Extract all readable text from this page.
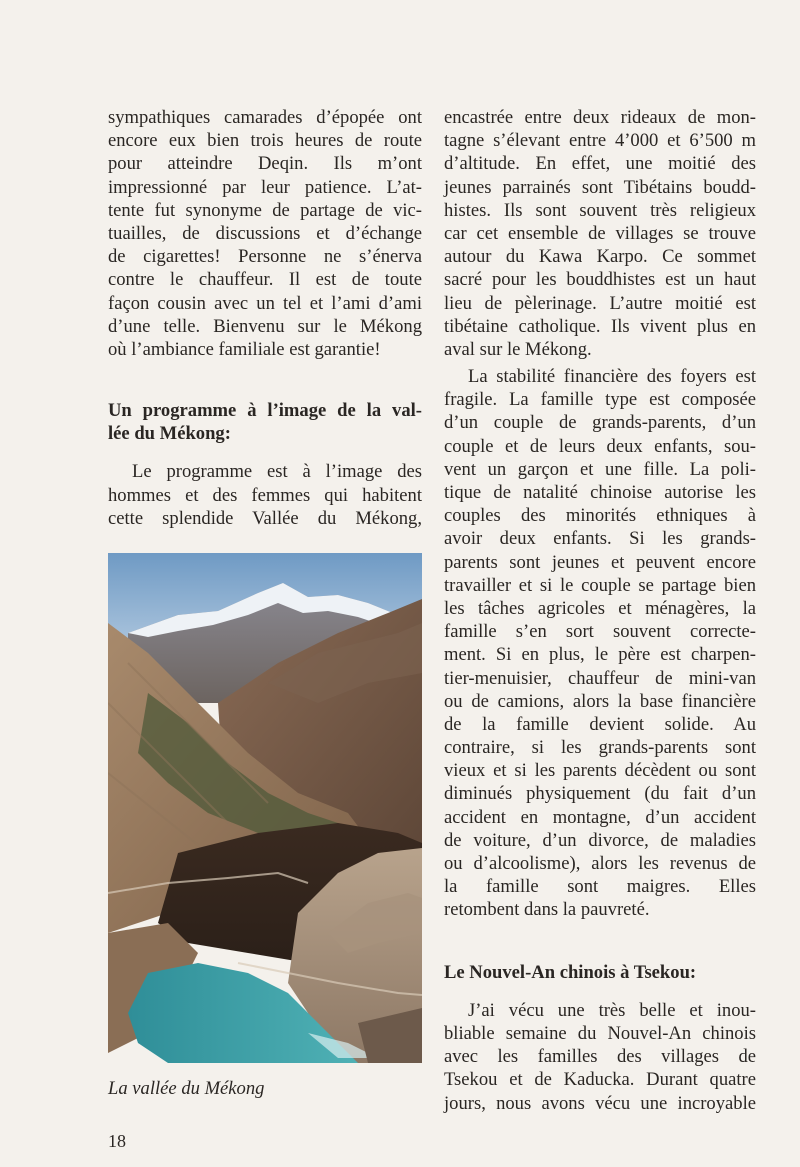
sympathiques camarades d’épopée ont
encore eux bien trois heures de route
pour atteindre Deqin. Ils m’ont
impressionné par leur patience. L’at-
tente fut synonyme de partage de vic-
tuailles, de discussions et d’échange
de cigarettes! Personne ne s’énerva
contre le chauffeur. Il est de toute
façon cousin avec un tel et l’ami d’ami
d’une telle. Bienvenu sur le Mékong
où l’ambiance familiale est garantie!
Un programme à l’image de la val-
lée du Mékong:
Le programme est à l’image des
hommes et des femmes qui habitent
cette splendide Vallée du Mékong,
La vallée du Mékong
encastrée entre deux rideaux de mon-
tagne s’élevant entre 4’000 et 6’500 m
d’altitude. En effet, une moitié des
jeunes parrainés sont Tibétains boudd-
histes. Ils sont souvent très religieux
car cet ensemble de villages se trouve
autour du Kawa Karpo. Ce sommet
sacré pour les bouddhistes est un haut
lieu de pèlerinage. L’autre moitié est
tibétaine catholique. Ils vivent plus en
aval sur le Mékong.
La stabilité financière des foyers est
fragile. La famille type est composée
d’un couple de grands-parents, d’un
couple et de leurs deux enfants, sou-
vent un garçon et une fille. La poli-
tique de natalité chinoise autorise les
couples des minorités ethniques à
avoir deux enfants. Si les grands-
parents sont jeunes et peuvent encore
travailler et si le couple se partage bien
les tâches agricoles et ménagères, la
famille s’en sort souvent correcte-
ment. Si en plus, le père est charpen-
tier-menuisier, chauffeur de mini-van
ou de camions, alors la base financière
de la famille devient solide. Au
contraire, si les grands-parents sont
vieux et si les parents décèdent ou sont
diminués physiquement (du fait d’un
accident en montagne, d’un accident
de voiture, d’un divorce, de maladies
ou d’alcoolisme), alors les revenus de
la famille sont maigres. Elles
retombent dans la pauvreté.
Le Nouvel-An chinois à Tsekou:
J’ai vécu une très belle et inou-
bliable semaine du Nouvel-An chinois
avec les familles des villages de
Tsekou et de Kaducka. Durant quatre
jours, nous avons vécu une incroyable
18
